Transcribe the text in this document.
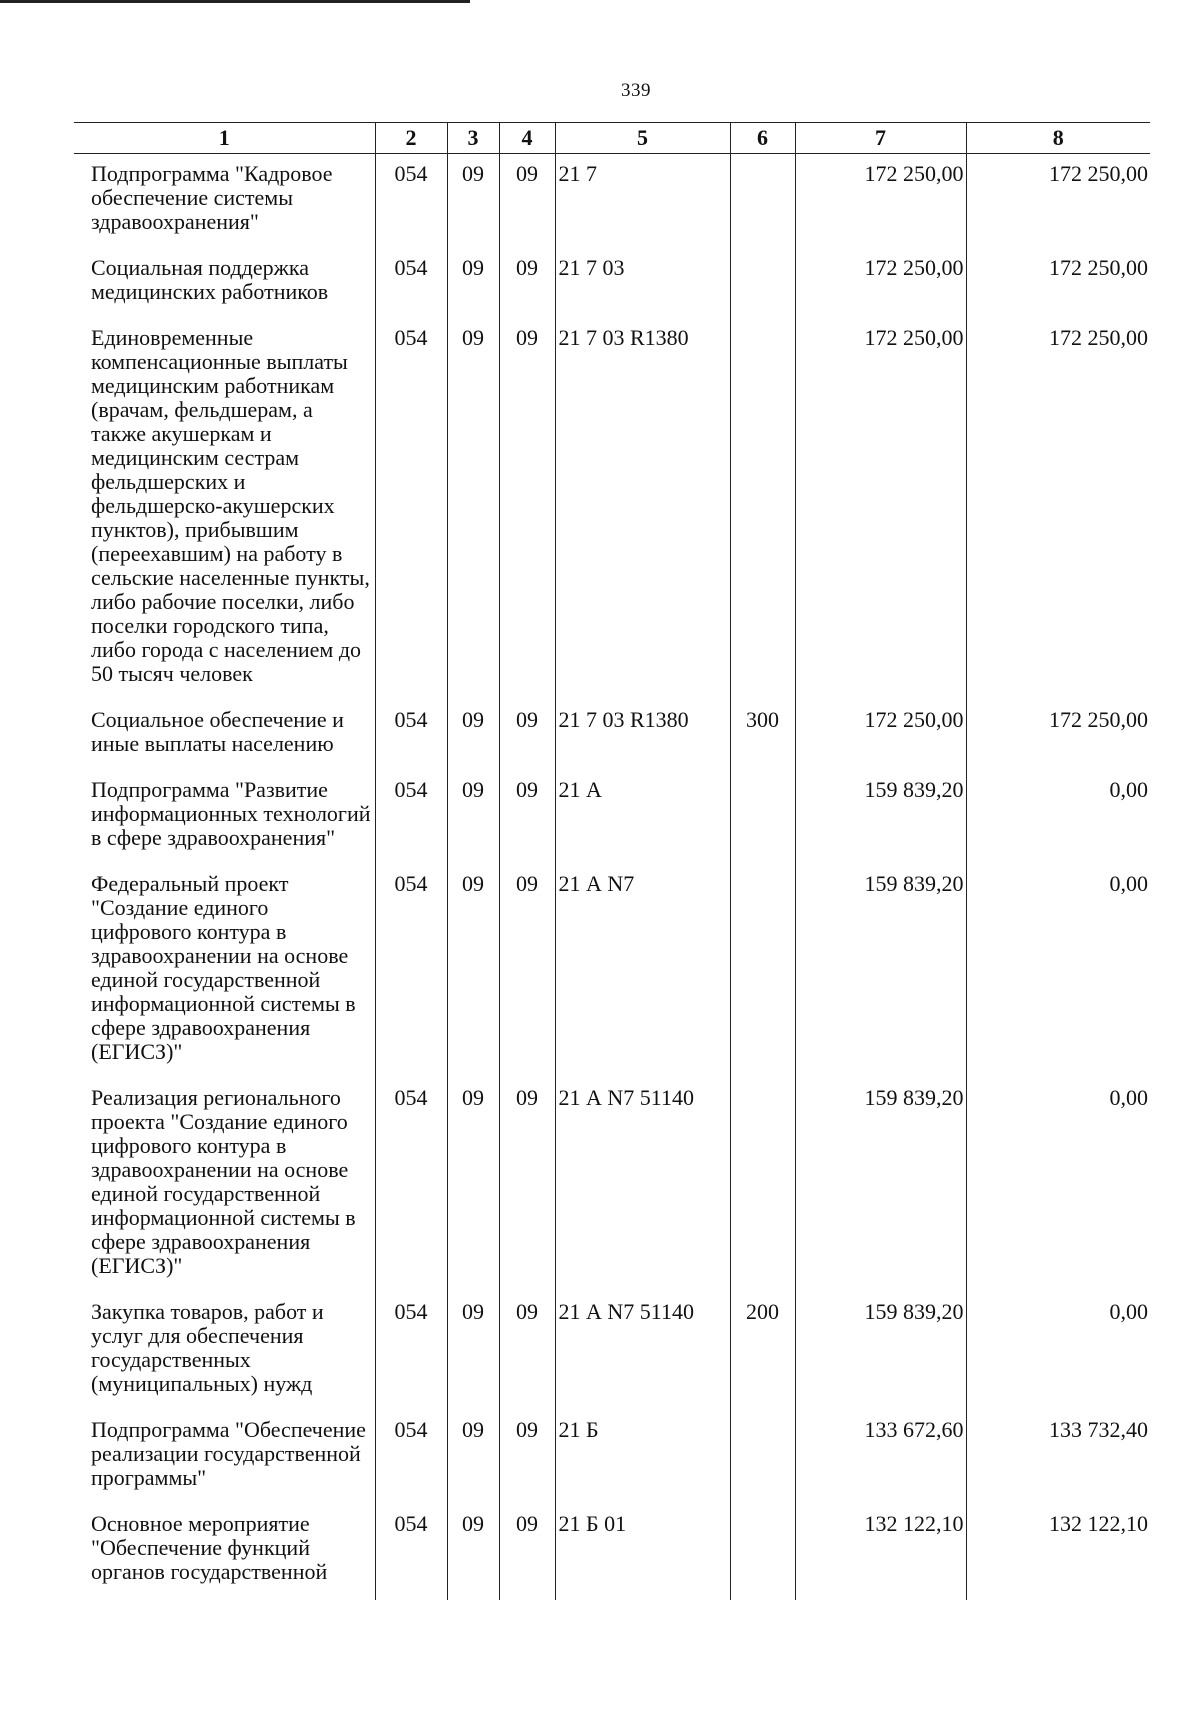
339
1	2	3	4	5	6	7	8
Подпрограмма "Кадровое обеспечение системы здравоохранения"	054	09	09	21 7		172 250,00	172 250,00
Социальная поддержка медицинских работников	054	09	09	21 7 03		172 250,00	172 250,00
Единовременные компенсационные выплаты медицинским работникам (врачам, фельдшерам, а также акушеркам и медицинским сестрам фельдшерских и фельдшерско-акушерских пунктов), прибывшим (переехавшим) на работу в сельские населенные пункты, либо рабочие поселки, либо поселки городского типа, либо города с населением до 50 тысяч человек	054	09	09	21 7 03 R1380		172 250,00	172 250,00
Социальное обеспечение и иные выплаты населению	054	09	09	21 7 03 R1380	300	172 250,00	172 250,00
Подпрограмма "Развитие информационных технологий в сфере здравоохранения"	054	09	09	21 А		159 839,20	0,00
Федеральный проект "Создание единого цифрового контура в здравоохранении на основе единой государственной информационной системы в сфере здравоохранения (ЕГИСЗ)"	054	09	09	21 А N7		159 839,20	0,00
Реализация регионального проекта "Создание единого цифрового контура в здравоохранении на основе единой государственной информационной системы в сфере здравоохранения (ЕГИСЗ)"	054	09	09	21 А N7 51140		159 839,20	0,00
Закупка товаров, работ и услуг для обеспечения государственных (муниципальных) нужд	054	09	09	21 А N7 51140	200	159 839,20	0,00
Подпрограмма "Обеспечение реализации государственной программы"	054	09	09	21 Б		133 672,60	133 732,40
Основное мероприятие "Обеспечение функций органов государственной	054	09	09	21 Б 01		132 122,10	132 122,10
